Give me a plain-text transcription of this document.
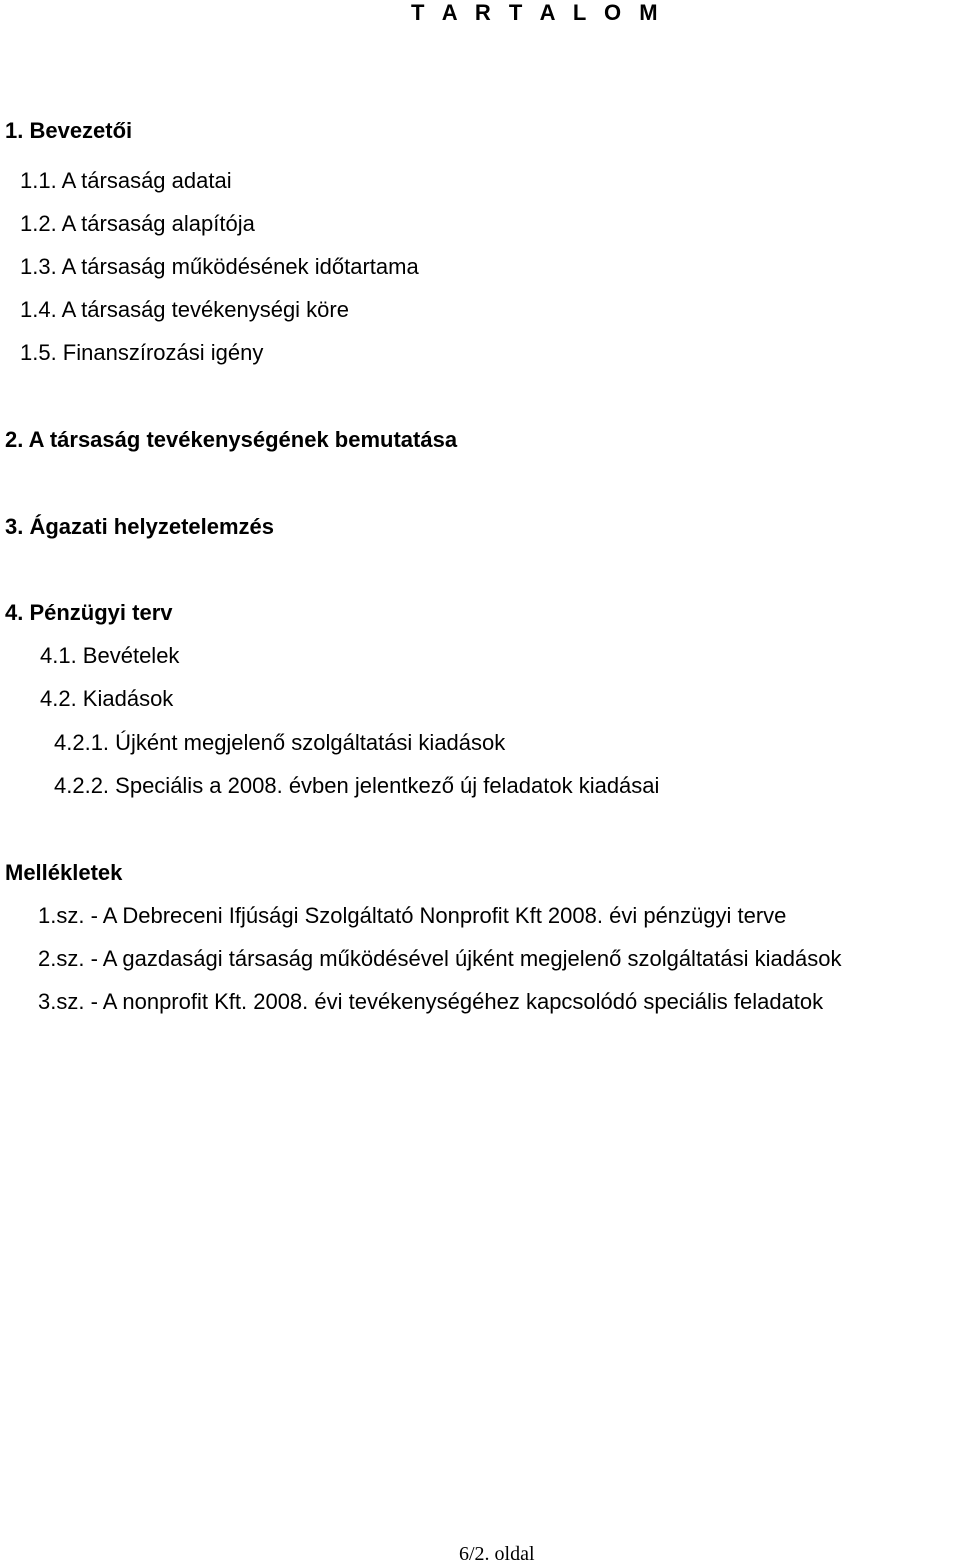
T A R T A L O M
1. Bevezetői
1.1. A társaság adatai
1.2. A társaság alapítója
1.3. A társaság működésének időtartama
1.4. A társaság tevékenységi köre
1.5. Finanszírozási igény
2. A társaság tevékenységének bemutatása
3. Ágazati helyzetelemzés
4. Pénzügyi terv
4.1. Bevételek
4.2. Kiadások
4.2.1. Újként megjelenő szolgáltatási kiadások
4.2.2. Speciális a 2008. évben jelentkező új feladatok kiadásai
Mellékletek
1.sz. - A Debreceni Ifjúsági Szolgáltató Nonprofit Kft 2008. évi pénzügyi terve
2.sz. - A gazdasági társaság működésével újként megjelenő szolgáltatási kiadások
3.sz. - A nonprofit Kft. 2008. évi tevékenységéhez kapcsolódó speciális feladatok
6/2. oldal
